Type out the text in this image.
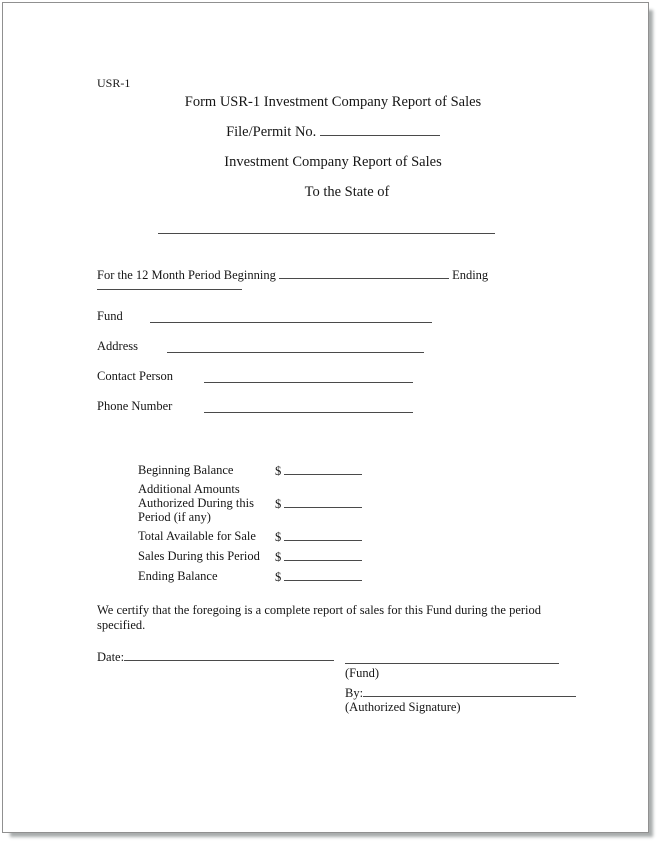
USR-1
Form USR-1 Investment Company Report of Sales
File/Permit No.
Investment Company Report of Sales
To the State of
For the 12 Month Period Beginning	Ending
Fund
Address
Contact Person
Phone Number
Beginning Balance	$
Additional Amounts Authorized During this Period (if any)	$
Total Available for Sale	$
Sales During this Period	$
Ending Balance	$
We certify that the foregoing is a complete report of sales for this Fund during the period specified.
Date:
(Fund)
By:
(Authorized Signature)
